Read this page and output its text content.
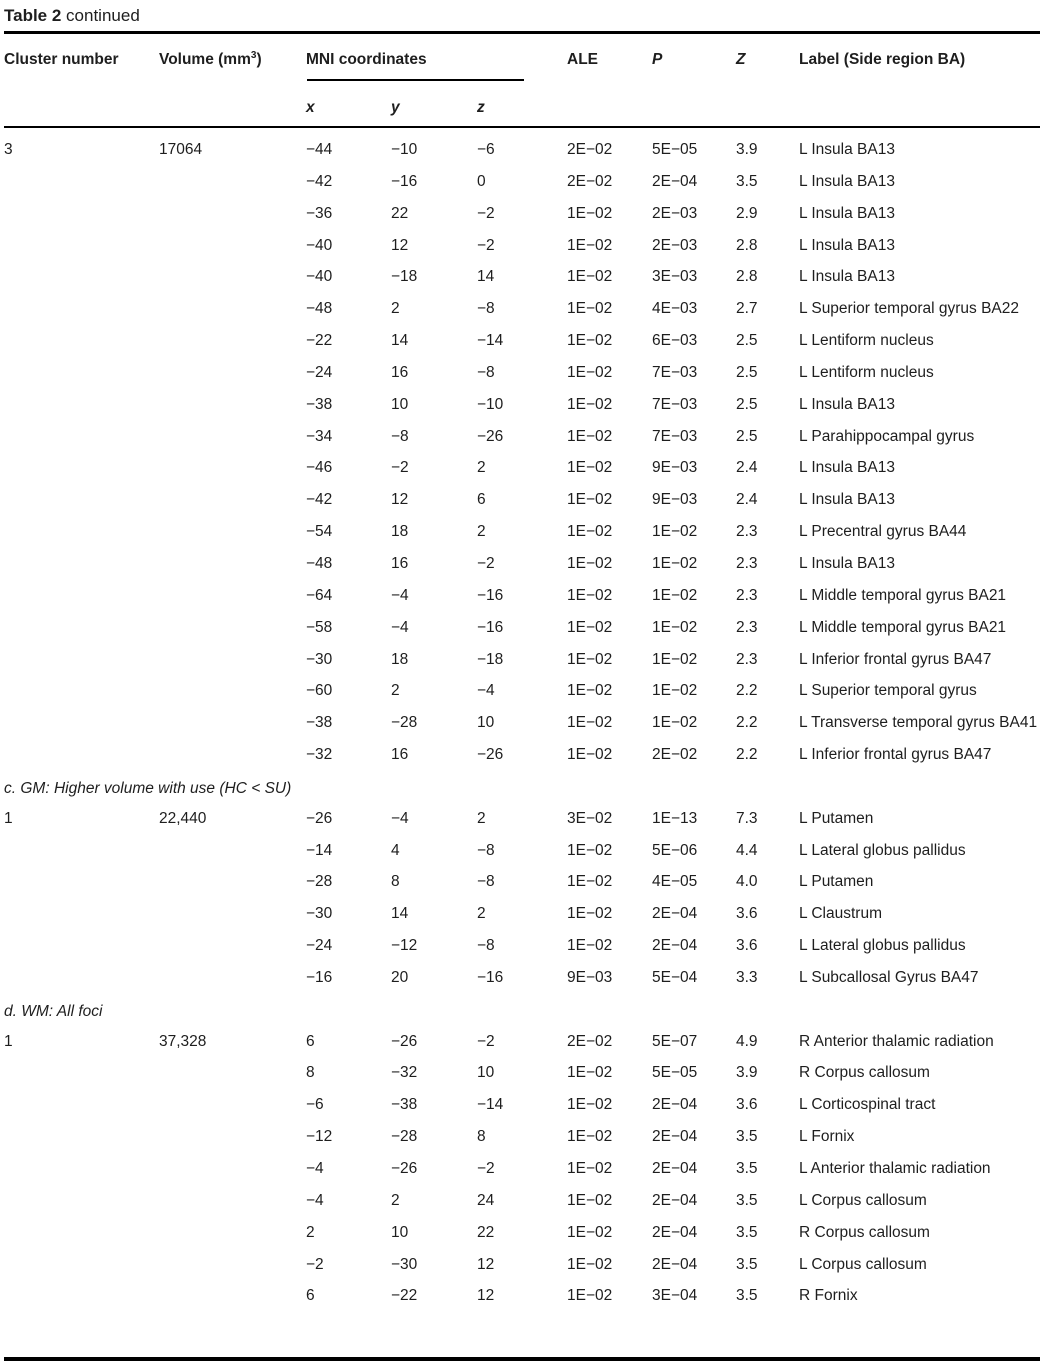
Table 2 continued
Cluster number	Volume $(mm^3)$	MNI coordinates	ALE	P	Z	Label (Side region BA)
x	y	z
3	17064	−44	−10	−6	2E−02	5E−05	3.9	L Insula BA13
−42	−16	0	2E−02	2E−04	3.5	L Insula BA13
−36	22	−2	1E−02	2E−03	2.9	L Insula BA13
−40	12	−2	1E−02	2E−03	2.8	L Insula BA13
−40	−18	14	1E−02	3E−03	2.8	L Insula BA13
−48	2	−8	1E−02	4E−03	2.7	L Superior temporal gyrus BA22
−22	14	−14	1E−02	6E−03	2.5	L Lentiform nucleus
−24	16	−8	1E−02	7E−03	2.5	L Lentiform nucleus
−38	10	−10	1E−02	7E−03	2.5	L Insula BA13
−34	−8	−26	1E−02	7E−03	2.5	L Parahippocampal gyrus
−46	−2	2	1E−02	9E−03	2.4	L Insula BA13
−42	12	6	1E−02	9E−03	2.4	L Insula BA13
−54	18	2	1E−02	1E−02	2.3	L Precentral gyrus BA44
−48	16	−2	1E−02	1E−02	2.3	L Insula BA13
−64	−4	−16	1E−02	1E−02	2.3	L Middle temporal gyrus BA21
−58	−4	−16	1E−02	1E−02	2.3	L Middle temporal gyrus BA21
−30	18	−18	1E−02	1E−02	2.3	L Inferior frontal gyrus BA47
−60	2	−4	1E−02	1E−02	2.2	L Superior temporal gyrus
−38	−28	10	1E−02	1E−02	2.2	L Transverse temporal gyrus BA41
−32	16	−26	1E−02	2E−02	2.2	L Inferior frontal gyrus BA47
c. GM: Higher volume with use (HC < SU)
1	22,440	−26	−4	2	3E−02	1E−13	7.3	L Putamen
−14	4	−8	1E−02	5E−06	4.4	L Lateral globus pallidus
−28	8	−8	1E−02	4E−05	4.0	L Putamen
−30	14	2	1E−02	2E−04	3.6	L Claustrum
−24	−12	−8	1E−02	2E−04	3.6	L Lateral globus pallidus
−16	20	−16	9E−03	5E−04	3.3	L Subcallosal Gyrus BA47
d. WM: All foci
1	37,328	6	−26	−2	2E−02	5E−07	4.9	R Anterior thalamic radiation
8	−32	10	1E−02	5E−05	3.9	R Corpus callosum
−6	−38	−14	1E−02	2E−04	3.6	L Corticospinal tract
−12	−28	8	1E−02	2E−04	3.5	L Fornix
−4	−26	−2	1E−02	2E−04	3.5	L Anterior thalamic radiation
−4	2	24	1E−02	2E−04	3.5	L Corpus callosum
2	10	22	1E−02	2E−04	3.5	R Corpus callosum
−2	−30	12	1E−02	2E−04	3.5	L Corpus callosum
6	−22	12	1E−02	3E−04	3.5	R Fornix
